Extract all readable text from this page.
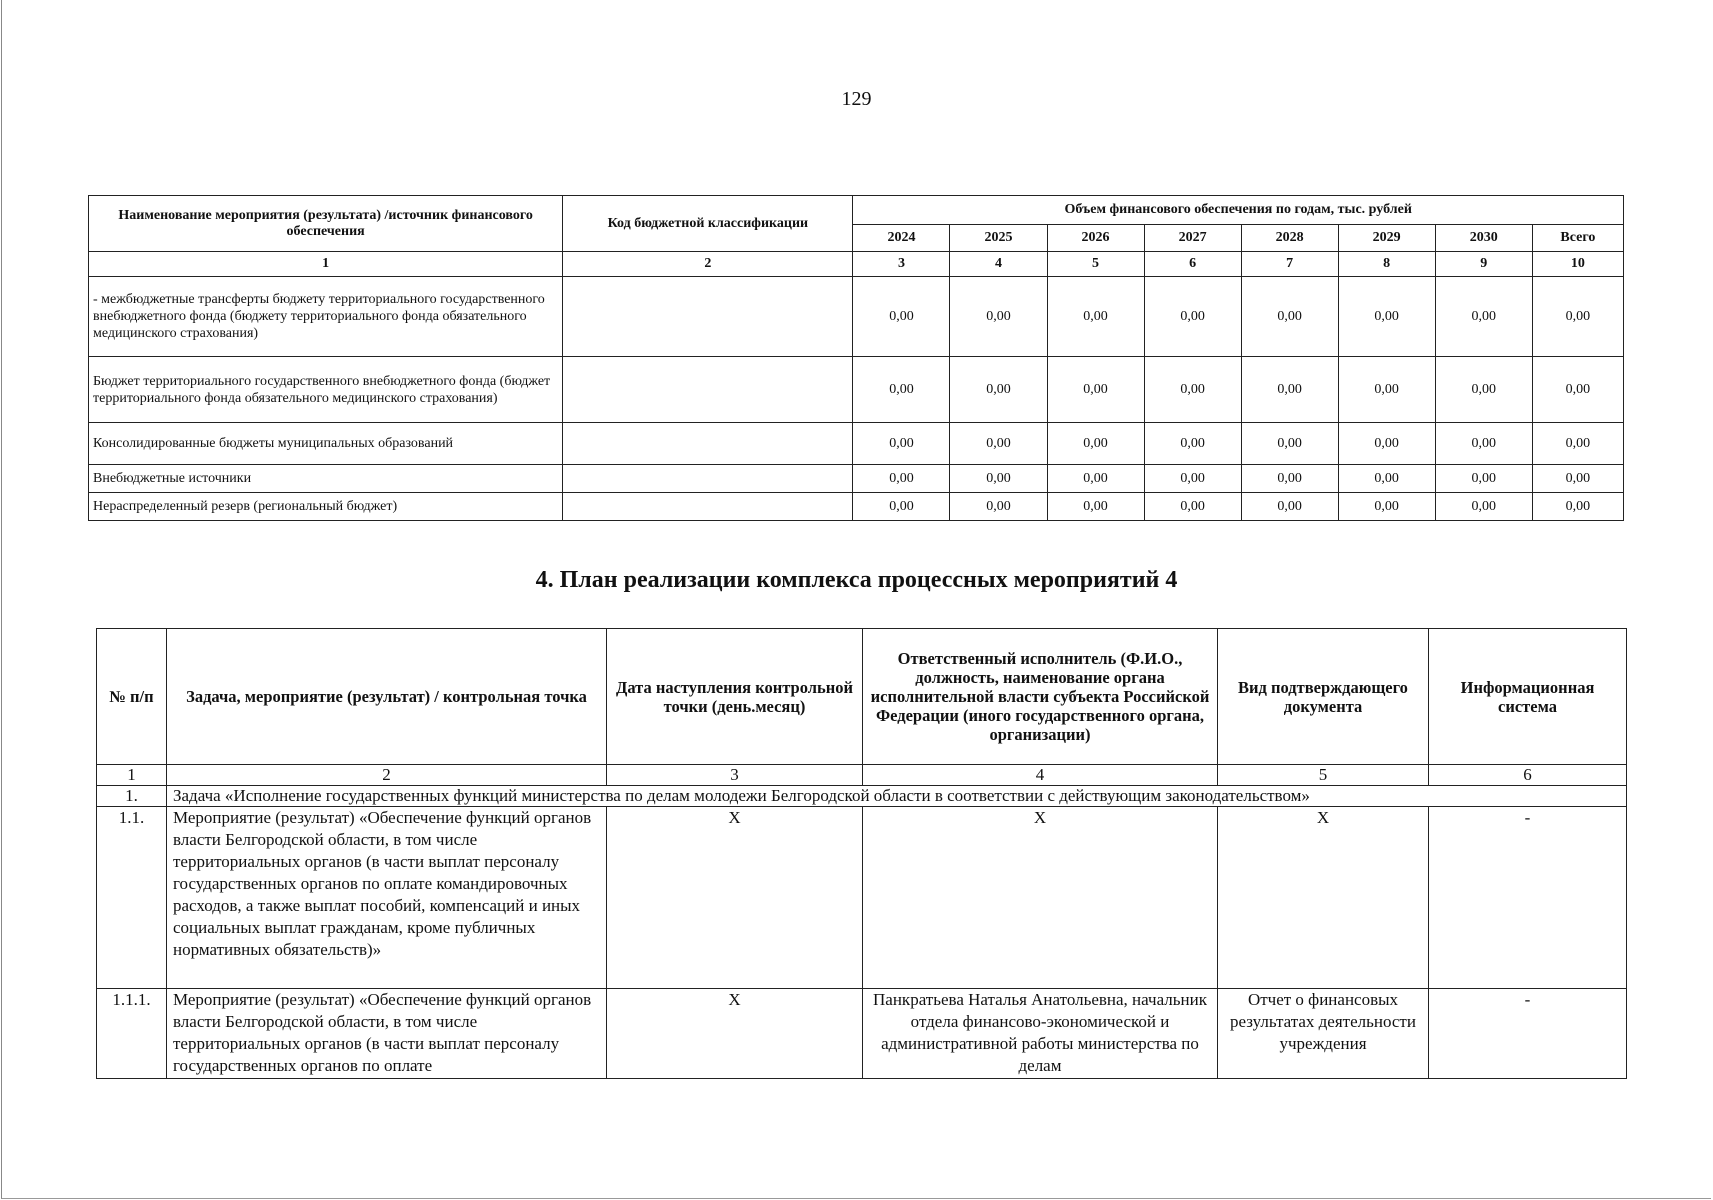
129
Наименование мероприятия (результата) /источник финансового обеспечения	Код бюджетной классификации	Объем финансового обеспечения по годам, тыс. рублей							
		2024	2025	2026	2027	2028	2029	2030	Всего
1	2	3	4	5	6	7	8	9	10
- межбюджетные трансферты бюджету территориального государственного внебюджетного фонда (бюджету территориального фонда обязательного медицинского страхования)		0,00	0,00	0,00	0,00	0,00	0,00	0,00	0,00
Бюджет территориального государственного внебюджетного фонда (бюджет территориального фонда обязательного медицинского страхования)		0,00	0,00	0,00	0,00	0,00	0,00	0,00	0,00
Консолидированные бюджеты муниципальных образований		0,00	0,00	0,00	0,00	0,00	0,00	0,00	0,00
Внебюджетные источники		0,00	0,00	0,00	0,00	0,00	0,00	0,00	0,00
Нераспределенный резерв (региональный бюджет)		0,00	0,00	0,00	0,00	0,00	0,00	0,00	0,00
4. План реализации комплекса процессных мероприятий 4
№ п/п	Задача, мероприятие (результат) / контрольная точка	Дата наступления контрольной точки (день.месяц)	Ответственный исполнитель (Ф.И.О., должность, наименование органа исполнительной власти субъекта Российской Федерации (иного государственного органа, организации)	Вид подтверждающего документа	Информационная система
1	2	3	4	5	6
1.	Задача «Исполнение государственных функций министерства по делам молодежи Белгородской области в соответствии с действующим законодательством»				
1.1.	Мероприятие (результат) «Обеспечение функций органов власти Белгородской области, в том числе территориальных органов (в части выплат персоналу государственных органов по оплате командировочных расходов, а также выплат пособий, компенсаций и иных социальных выплат гражданам, кроме публичных нормативных обязательств)»	Х	Х	Х	-
1.1.1.	Мероприятие (результат) «Обеспечение функций органов власти Белгородской области, в том числе территориальных органов (в части выплат персоналу государственных органов по оплате	Х	Панкратьева Наталья Анатольевна, начальник отдела финансово-экономической и административной работы министерства по делам	Отчет о финансовых результатах деятельности учреждения	-
